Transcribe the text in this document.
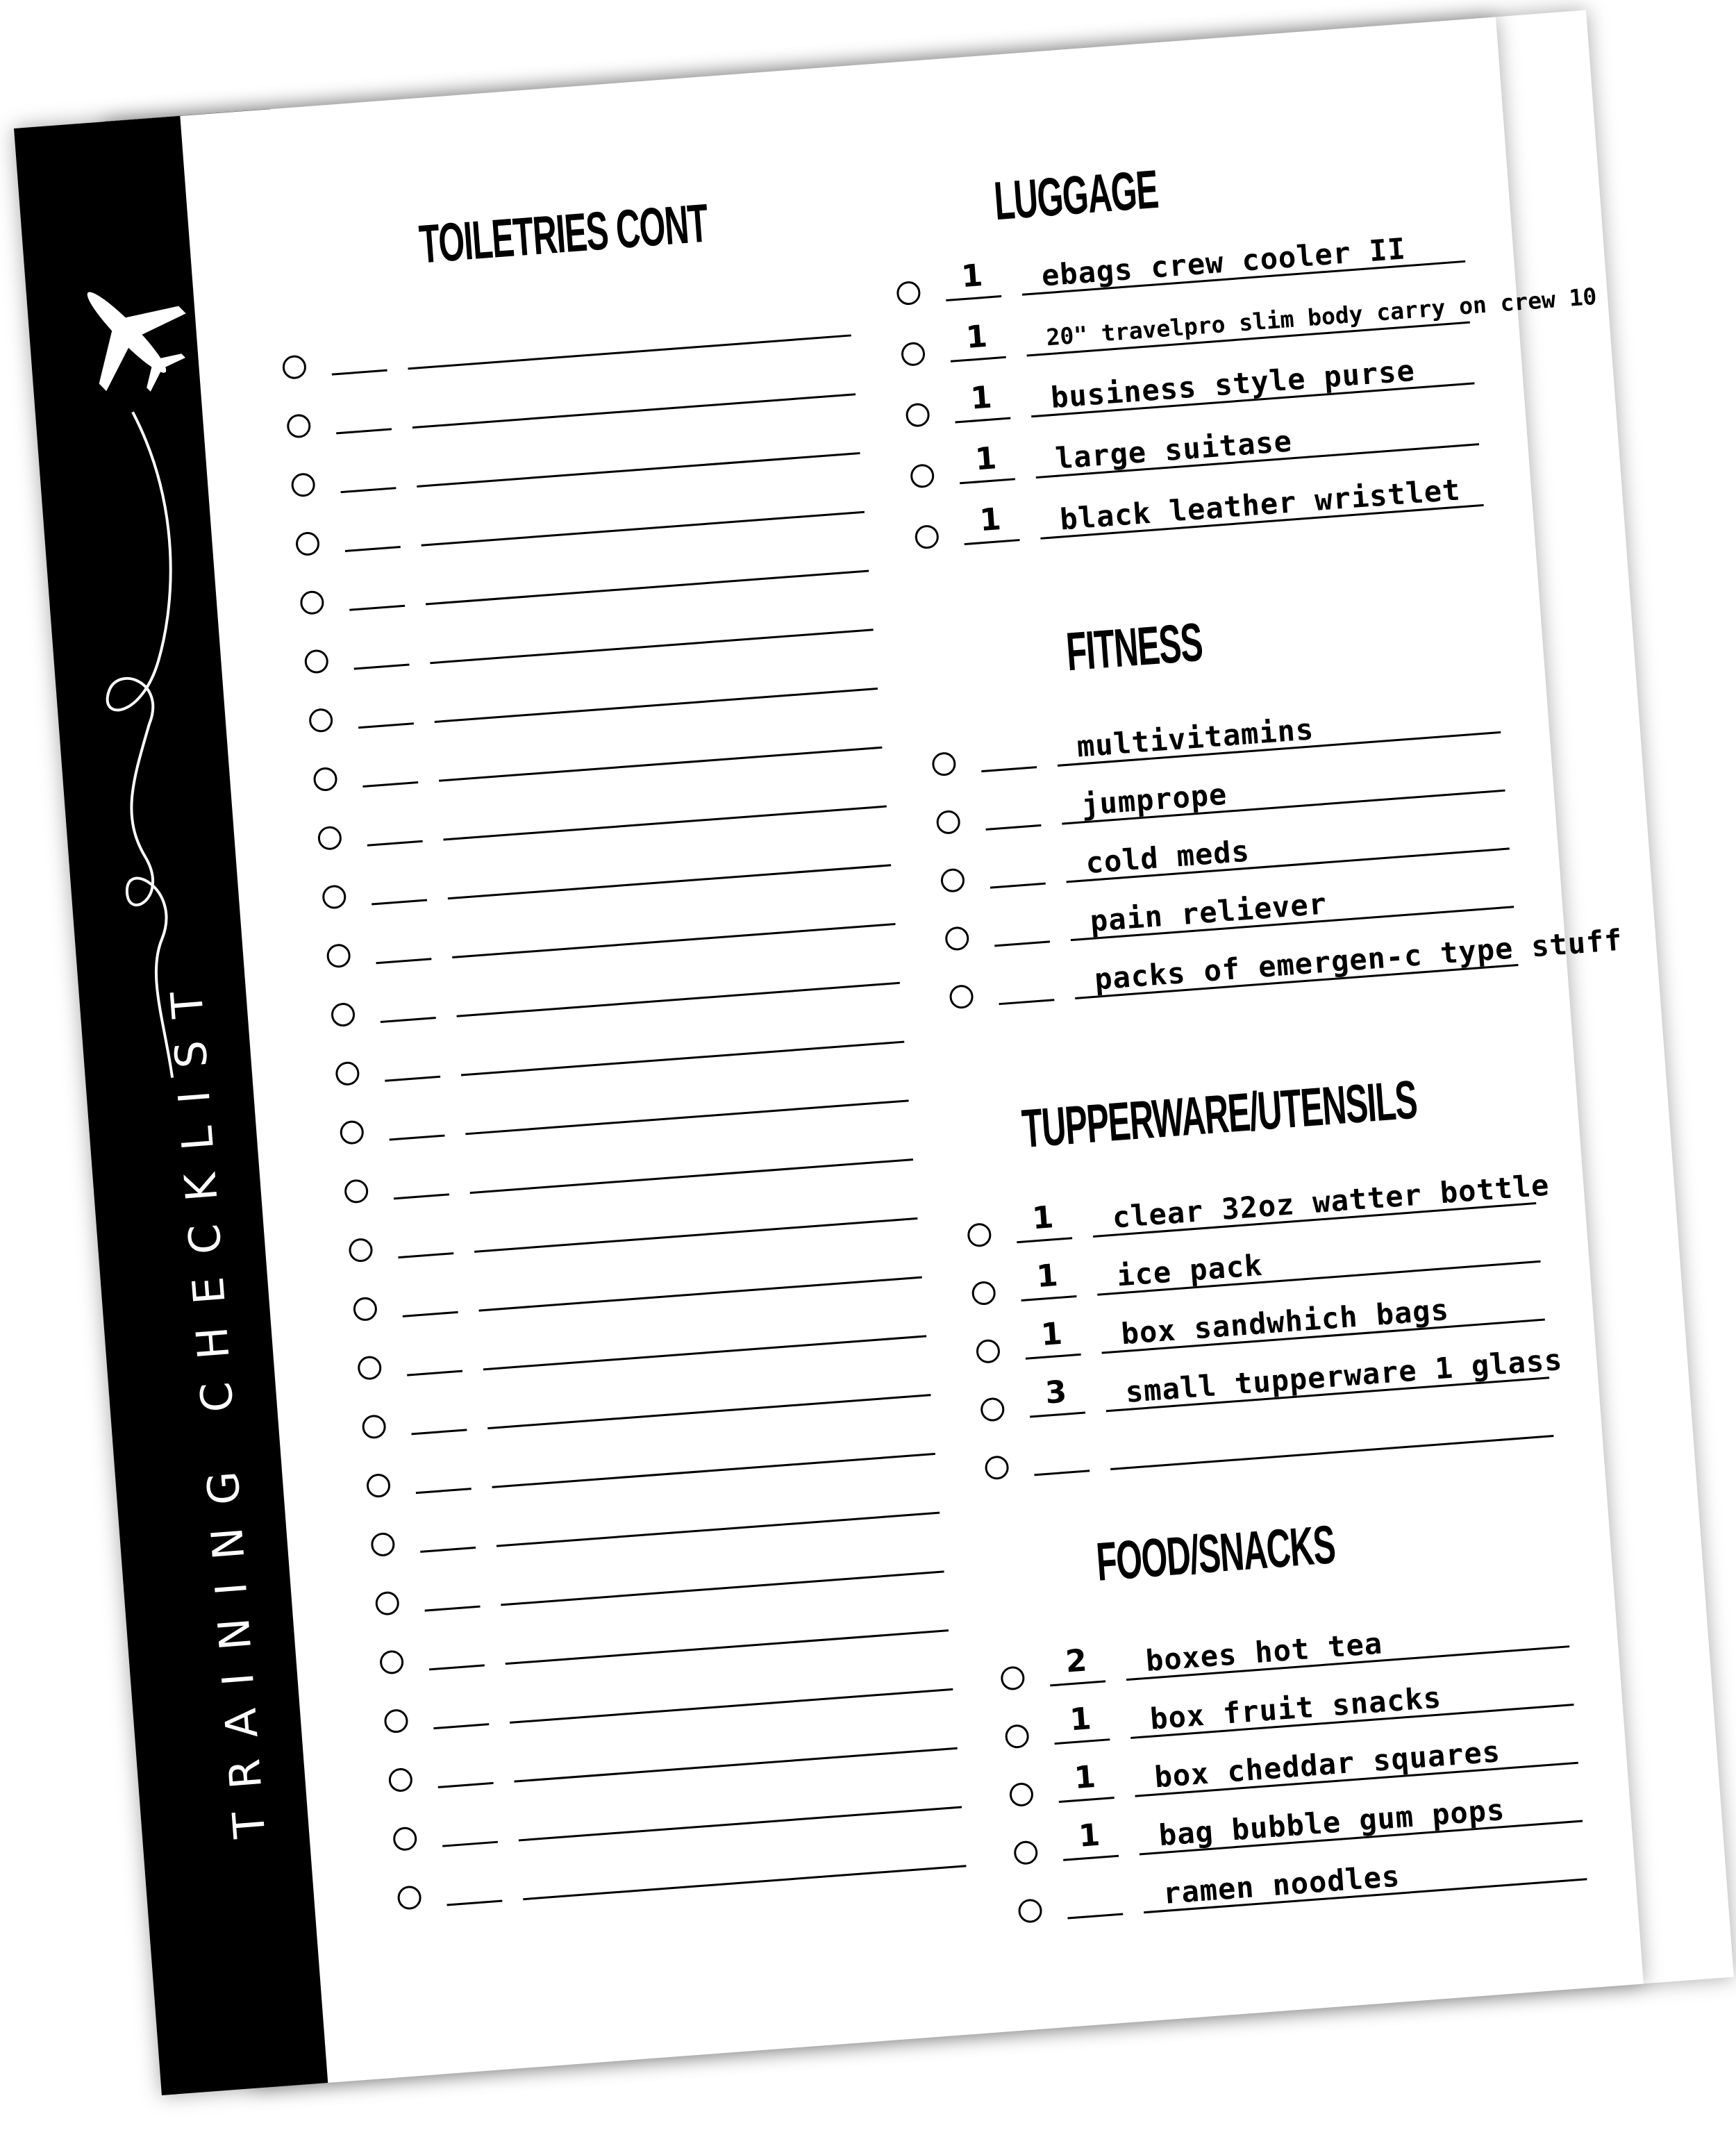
TRAINING CHECKLIST
TOILETRIES CONT	LUGGAGE
1	ebags crew cooler II
1	20" travelpro slim body carry on crew 10
1	business style purse
1	large suitase
1	black leather wristlet
FITNESS
multivitamins
jumprope
cold meds
pain reliever
packs of emergen-c type stuff
TUPPERWARE/UTENSILS
1	clear 32oz watter bottle
1	ice pack
1	box sandwhich bags
3	small tupperware 1 glass
FOOD/SNACKS
2	boxes hot tea
1	box fruit snacks
1	box cheddar squares
1	bag bubble gum pops
ramen noodles
